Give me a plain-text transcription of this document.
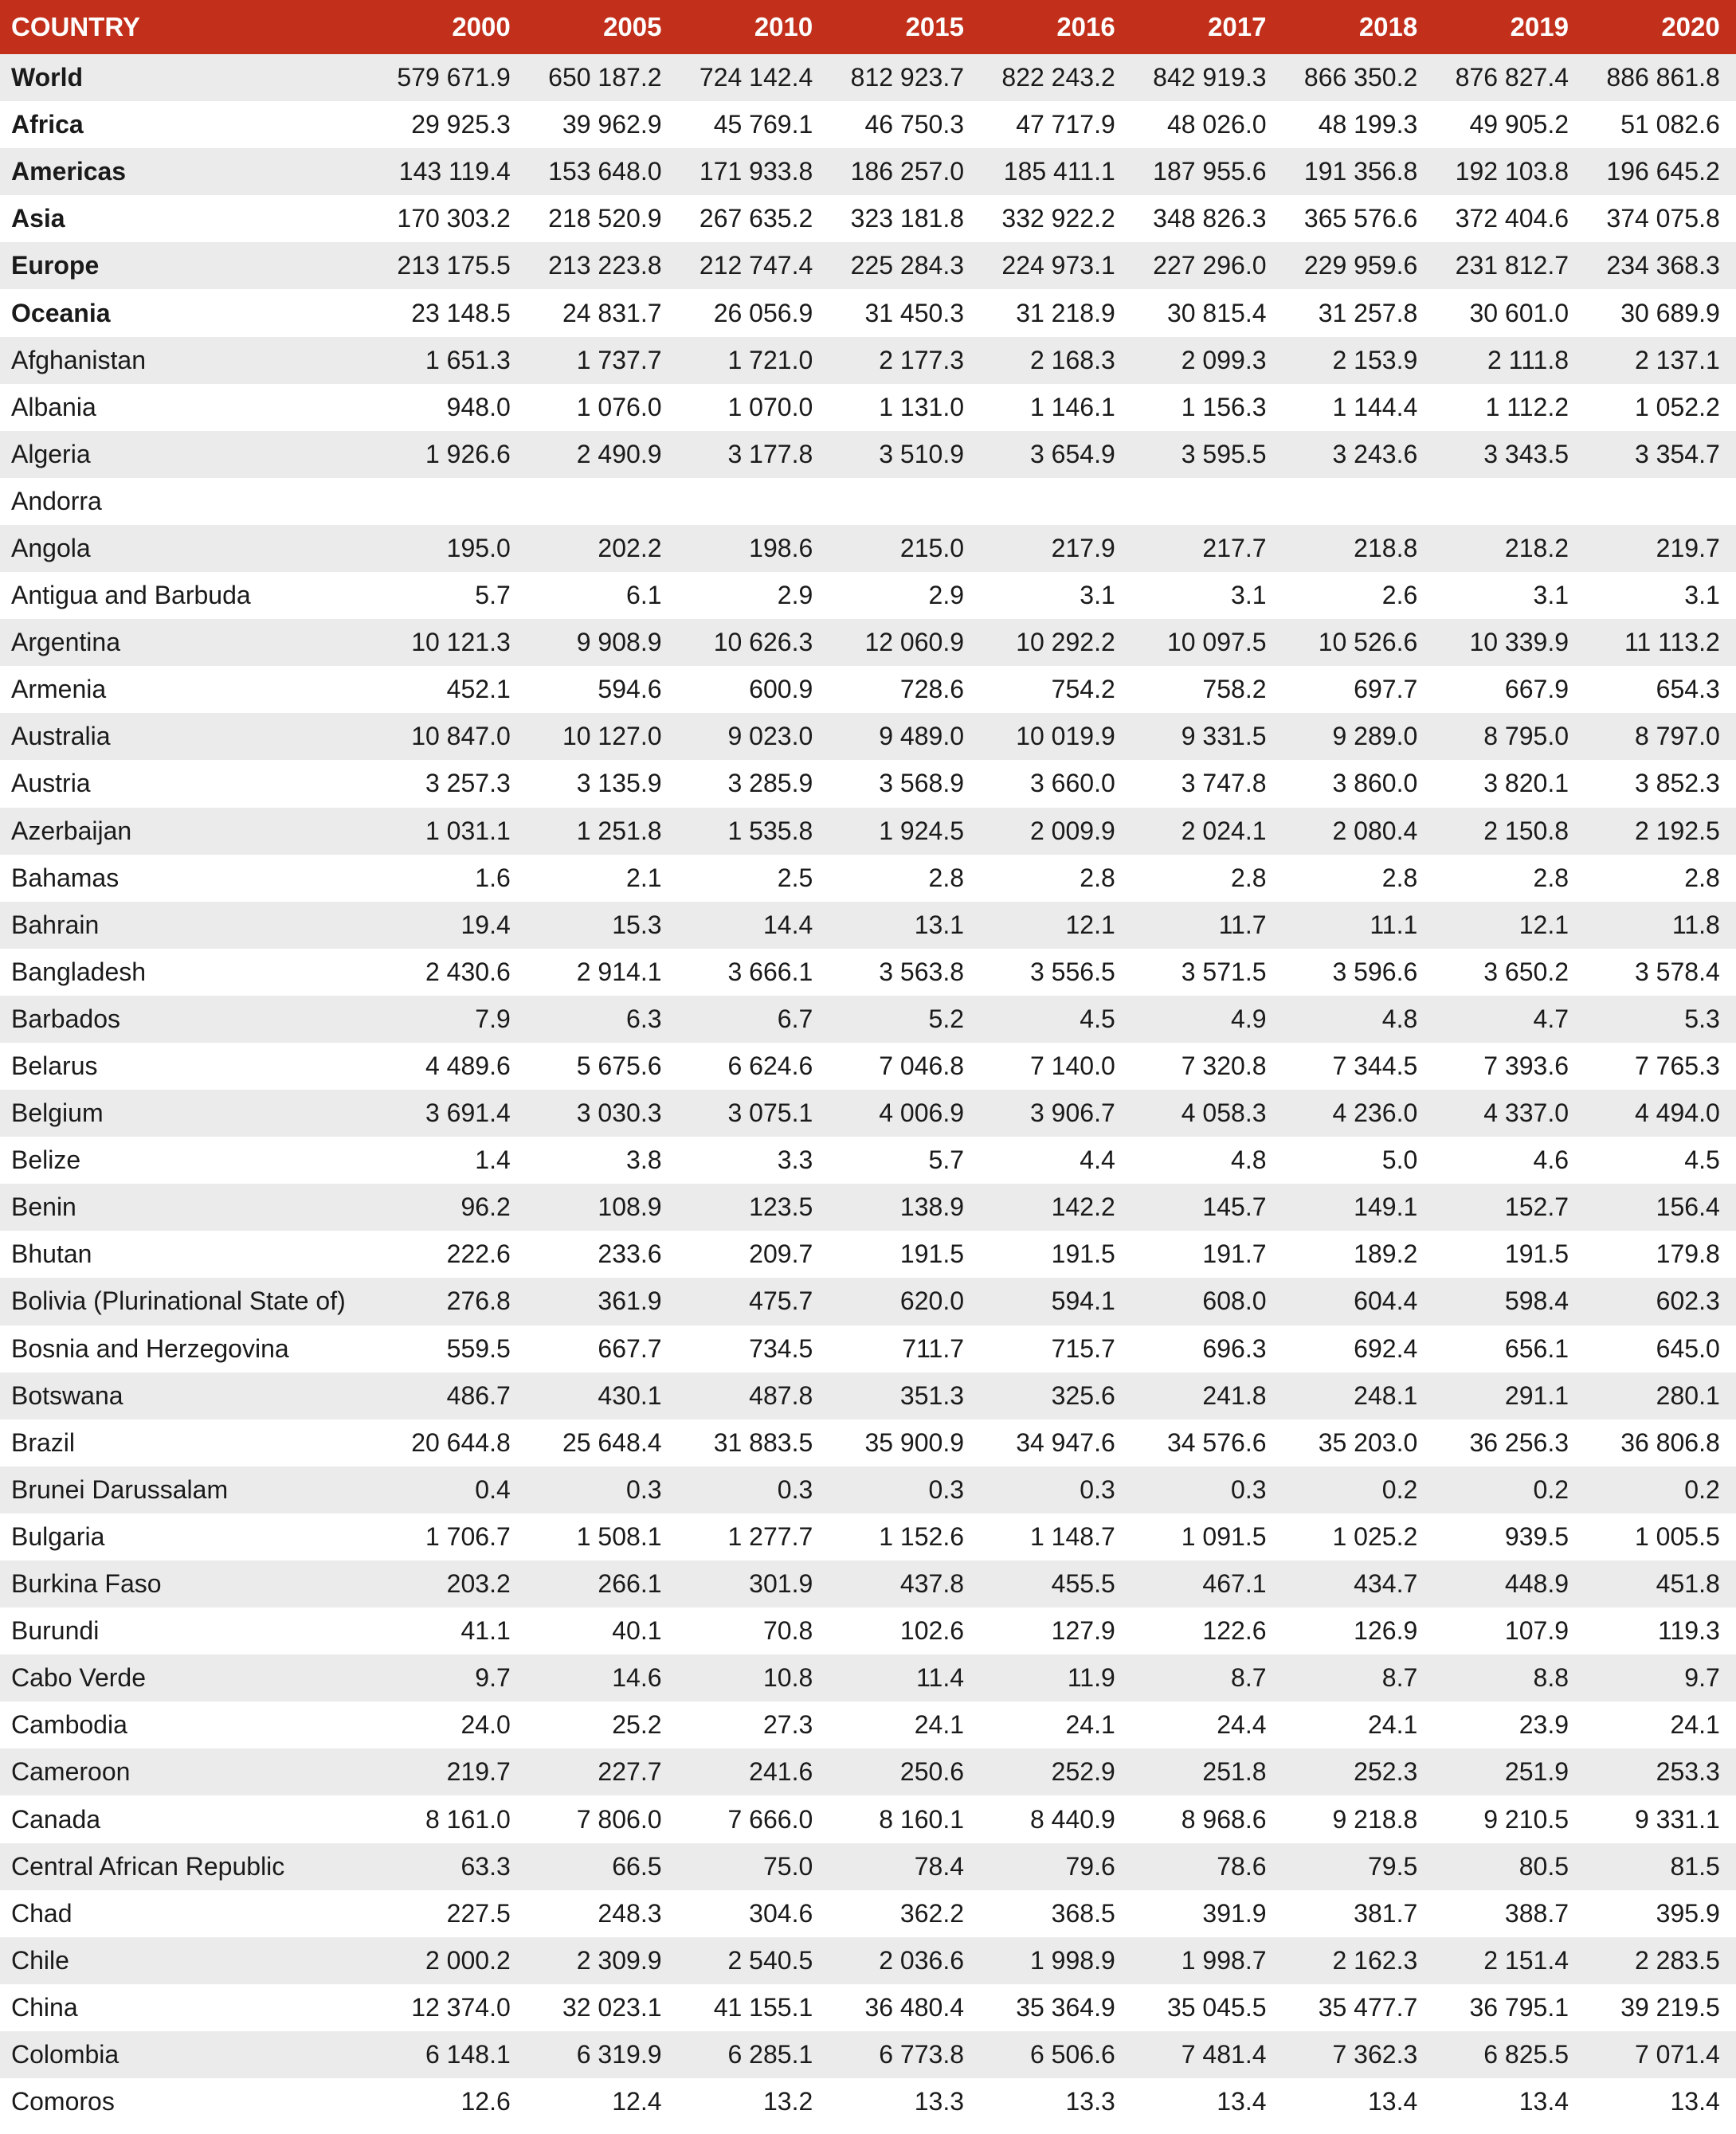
COUNTRY	2000	2005	2010	2015	2016	2017	2018	2019	2020
World	579 671.9	650 187.2	724 142.4	812 923.7	822 243.2	842 919.3	866 350.2	876 827.4	886 861.8
Africa	29 925.3	39 962.9	45 769.1	46 750.3	47 717.9	48 026.0	48 199.3	49 905.2	51 082.6
Americas	143 119.4	153 648.0	171 933.8	186 257.0	185 411.1	187 955.6	191 356.8	192 103.8	196 645.2
Asia	170 303.2	218 520.9	267 635.2	323 181.8	332 922.2	348 826.3	365 576.6	372 404.6	374 075.8
Europe	213 175.5	213 223.8	212 747.4	225 284.3	224 973.1	227 296.0	229 959.6	231 812.7	234 368.3
Oceania	23 148.5	24 831.7	26 056.9	31 450.3	31 218.9	30 815.4	31 257.8	30 601.0	30 689.9
Afghanistan	1 651.3	1 737.7	1 721.0	2 177.3	2 168.3	2 099.3	2 153.9	2 111.8	2 137.1
Albania	948.0	1 076.0	1 070.0	1 131.0	1 146.1	1 156.3	1 144.4	1 112.2	1 052.2
Algeria	1 926.6	2 490.9	3 177.8	3 510.9	3 654.9	3 595.5	3 243.6	3 343.5	3 354.7
Andorra									
Angola	195.0	202.2	198.6	215.0	217.9	217.7	218.8	218.2	219.7
Antigua and Barbuda	5.7	6.1	2.9	2.9	3.1	3.1	2.6	3.1	3.1
Argentina	10 121.3	9 908.9	10 626.3	12 060.9	10 292.2	10 097.5	10 526.6	10 339.9	11 113.2
Armenia	452.1	594.6	600.9	728.6	754.2	758.2	697.7	667.9	654.3
Australia	10 847.0	10 127.0	9 023.0	9 489.0	10 019.9	9 331.5	9 289.0	8 795.0	8 797.0
Austria	3 257.3	3 135.9	3 285.9	3 568.9	3 660.0	3 747.8	3 860.0	3 820.1	3 852.3
Azerbaijan	1 031.1	1 251.8	1 535.8	1 924.5	2 009.9	2 024.1	2 080.4	2 150.8	2 192.5
Bahamas	1.6	2.1	2.5	2.8	2.8	2.8	2.8	2.8	2.8
Bahrain	19.4	15.3	14.4	13.1	12.1	11.7	11.1	12.1	11.8
Bangladesh	2 430.6	2 914.1	3 666.1	3 563.8	3 556.5	3 571.5	3 596.6	3 650.2	3 578.4
Barbados	7.9	6.3	6.7	5.2	4.5	4.9	4.8	4.7	5.3
Belarus	4 489.6	5 675.6	6 624.6	7 046.8	7 140.0	7 320.8	7 344.5	7 393.6	7 765.3
Belgium	3 691.4	3 030.3	3 075.1	4 006.9	3 906.7	4 058.3	4 236.0	4 337.0	4 494.0
Belize	1.4	3.8	3.3	5.7	4.4	4.8	5.0	4.6	4.5
Benin	96.2	108.9	123.5	138.9	142.2	145.7	149.1	152.7	156.4
Bhutan	222.6	233.6	209.7	191.5	191.5	191.7	189.2	191.5	179.8
Bolivia (Plurinational State of)	276.8	361.9	475.7	620.0	594.1	608.0	604.4	598.4	602.3
Bosnia and Herzegovina	559.5	667.7	734.5	711.7	715.7	696.3	692.4	656.1	645.0
Botswana	486.7	430.1	487.8	351.3	325.6	241.8	248.1	291.1	280.1
Brazil	20 644.8	25 648.4	31 883.5	35 900.9	34 947.6	34 576.6	35 203.0	36 256.3	36 806.8
Brunei Darussalam	0.4	0.3	0.3	0.3	0.3	0.3	0.2	0.2	0.2
Bulgaria	1 706.7	1 508.1	1 277.7	1 152.6	1 148.7	1 091.5	1 025.2	939.5	1 005.5
Burkina Faso	203.2	266.1	301.9	437.8	455.5	467.1	434.7	448.9	451.8
Burundi	41.1	40.1	70.8	102.6	127.9	122.6	126.9	107.9	119.3
Cabo Verde	9.7	14.6	10.8	11.4	11.9	8.7	8.7	8.8	9.7
Cambodia	24.0	25.2	27.3	24.1	24.1	24.4	24.1	23.9	24.1
Cameroon	219.7	227.7	241.6	250.6	252.9	251.8	252.3	251.9	253.3
Canada	8 161.0	7 806.0	7 666.0	8 160.1	8 440.9	8 968.6	9 218.8	9 210.5	9 331.1
Central African Republic	63.3	66.5	75.0	78.4	79.6	78.6	79.5	80.5	81.5
Chad	227.5	248.3	304.6	362.2	368.5	391.9	381.7	388.7	395.9
Chile	2 000.2	2 309.9	2 540.5	2 036.6	1 998.9	1 998.7	2 162.3	2 151.4	2 283.5
China	12 374.0	32 023.1	41 155.1	36 480.4	35 364.9	35 045.5	35 477.7	36 795.1	39 219.5
Colombia	6 148.1	6 319.9	6 285.1	6 773.8	6 506.6	7 481.4	7 362.3	6 825.5	7 071.4
Comoros	12.6	12.4	13.2	13.3	13.3	13.4	13.4	13.4	13.4
